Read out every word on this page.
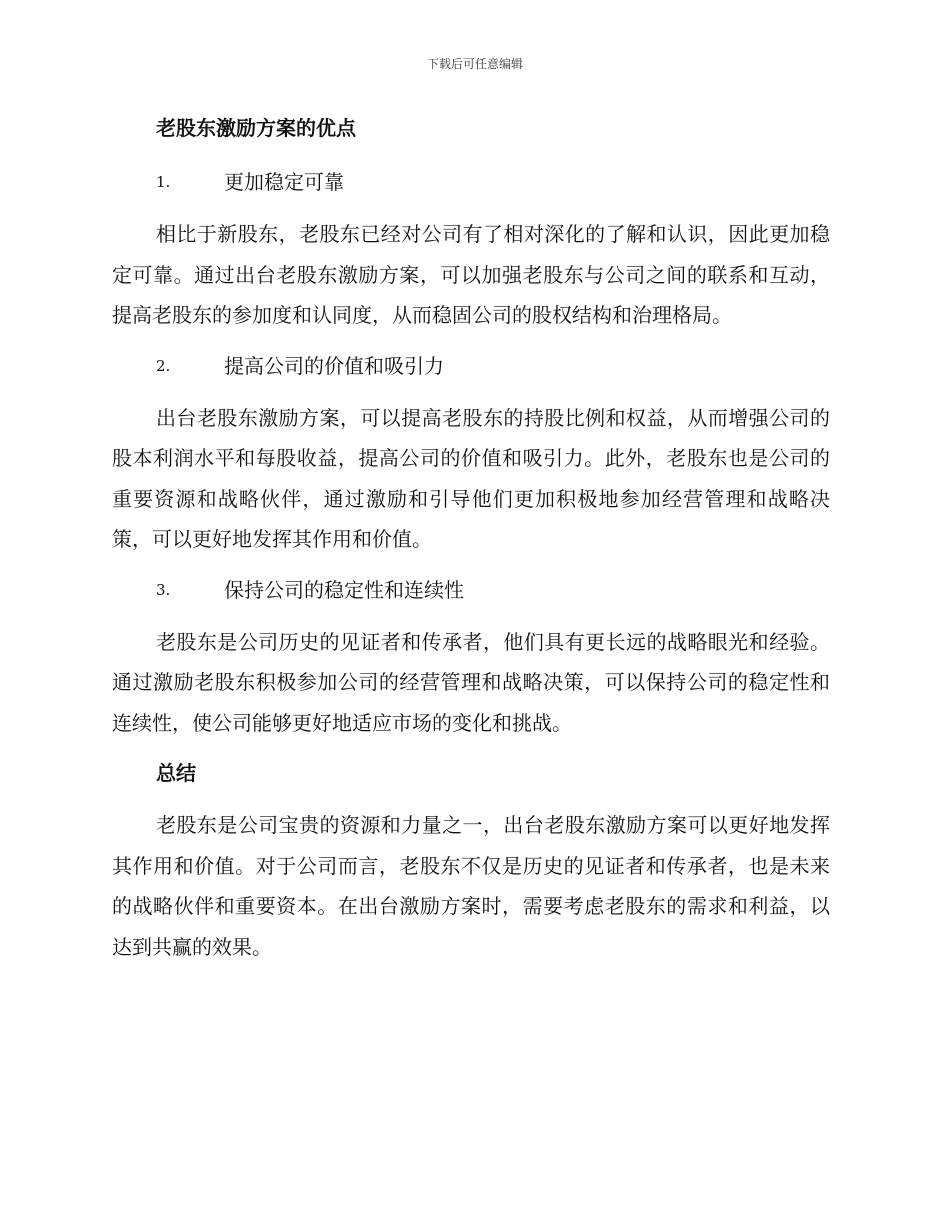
下载后可任意编辑
老股东激励方案的优点
1.	更加稳定可靠

相比于新股东，老股东已经对公司有了相对深化的了解和认识，因此更加稳定可靠。通过出台老股东激励方案，可以加强老股东与公司之间的联系和互动，提高老股东的参加度和认同度，从而稳固公司的股权结构和治理格局。

2.	提高公司的价值和吸引力

出台老股东激励方案，可以提高老股东的持股比例和权益，从而增强公司的股本利润水平和每股收益，提高公司的价值和吸引力。此外，老股东也是公司的重要资源和战略伙伴，通过激励和引导他们更加积极地参加经营管理和战略决策，可以更好地发挥其作用和价值。

3.	保持公司的稳定性和连续性

老股东是公司历史的见证者和传承者，他们具有更长远的战略眼光和经验。通过激励老股东积极参加公司的经营管理和战略决策，可以保持公司的稳定性和连续性，使公司能够更好地适应市场的变化和挑战。

总结

老股东是公司宝贵的资源和力量之一，出台老股东激励方案可以更好地发挥其作用和价值。对于公司而言，老股东不仅是历史的见证者和传承者，也是未来的战略伙伴和重要资本。在出台激励方案时，需要考虑老股东的需求和利益，以达到共赢的效果。
